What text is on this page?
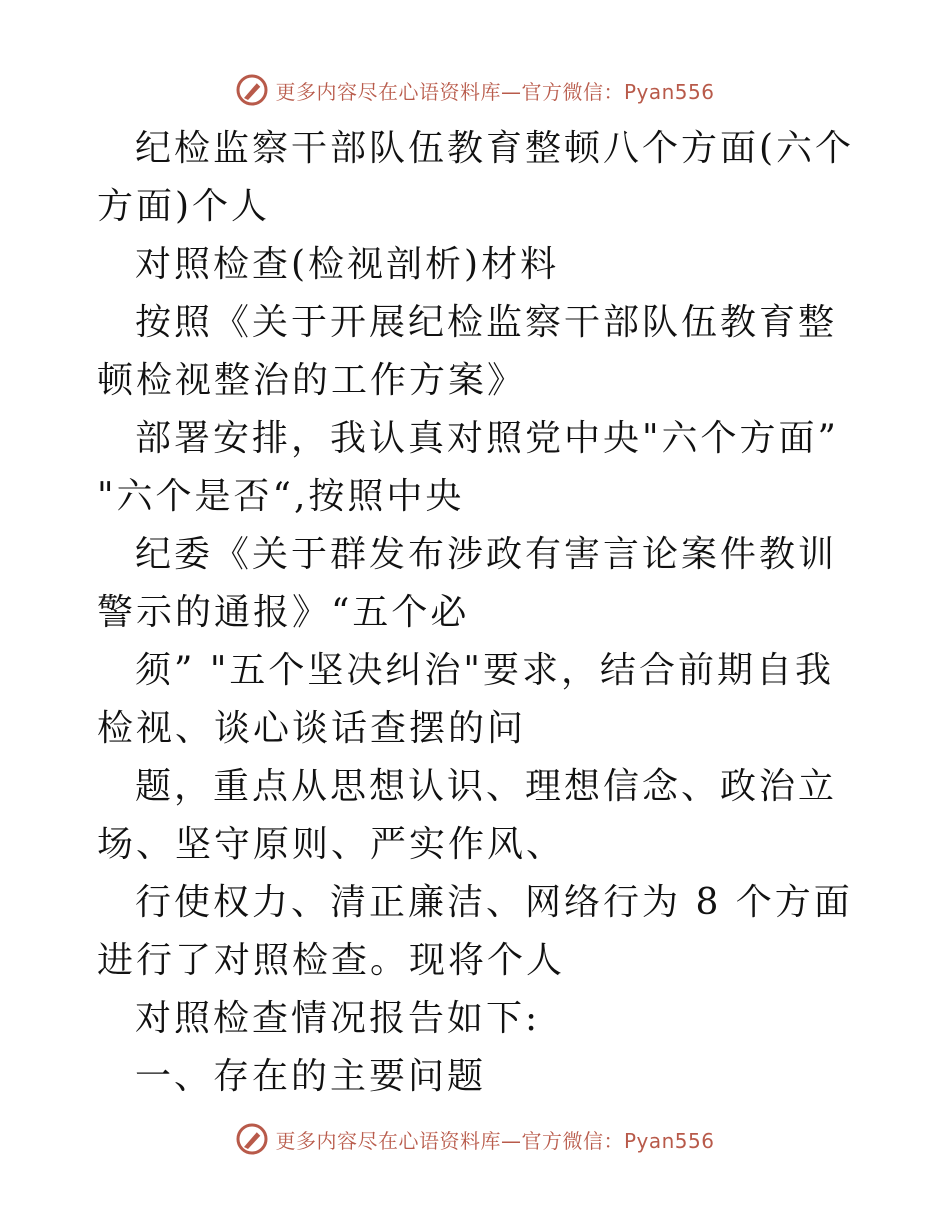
更多内容尽在心语资料库—官方微信：Pyan556

纪检监察干部队伍教育整顿八个方面(六个方面)个人

对照检查(检视剖析)材料

按照《关于开展纪检监察干部队伍教育整顿检视整治的工作方案》

部署安排，我认真对照党中央"六个方面” "六个是否“,按照中央

纪委《关于群发布涉政有害言论案件教训警示的通报》“五个必

须” "五个坚决纠治"要求，结合前期自我检视、谈心谈话查摆的问

题，重点从思想认识、理想信念、政治立场、坚守原则、严实作风、

行使权力、清正廉洁、网络行为 8 个方面进行了对照检查。现将个人

对照检查情况报告如下:

一、存在的主要问题

更多内容尽在心语资料库—官方微信：Pyan556
